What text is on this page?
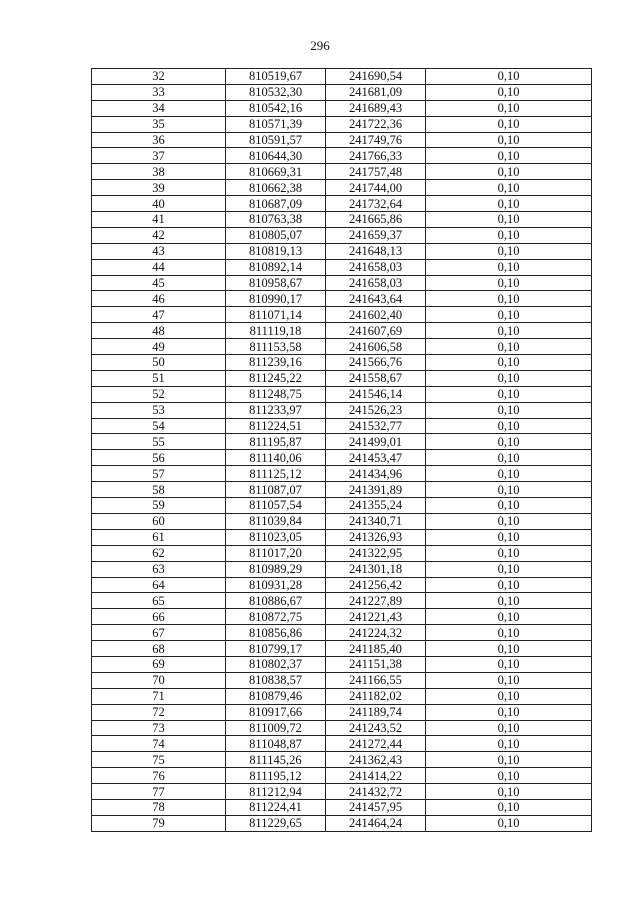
296
32	810519,67	241690,54	0,10
33	810532,30	241681,09	0,10
34	810542,16	241689,43	0,10
35	810571,39	241722,36	0,10
36	810591,57	241749,76	0,10
37	810644,30	241766,33	0,10
38	810669,31	241757,48	0,10
39	810662,38	241744,00	0,10
40	810687,09	241732,64	0,10
41	810763,38	241665,86	0,10
42	810805,07	241659,37	0,10
43	810819,13	241648,13	0,10
44	810892,14	241658,03	0,10
45	810958,67	241658,03	0,10
46	810990,17	241643,64	0,10
47	811071,14	241602,40	0,10
48	811119,18	241607,69	0,10
49	811153,58	241606,58	0,10
50	811239,16	241566,76	0,10
51	811245,22	241558,67	0,10
52	811248,75	241546,14	0,10
53	811233,97	241526,23	0,10
54	811224,51	241532,77	0,10
55	811195,87	241499,01	0,10
56	811140,06	241453,47	0,10
57	811125,12	241434,96	0,10
58	811087,07	241391,89	0,10
59	811057,54	241355,24	0,10
60	811039,84	241340,71	0,10
61	811023,05	241326,93	0,10
62	811017,20	241322,95	0,10
63	810989,29	241301,18	0,10
64	810931,28	241256,42	0,10
65	810886,67	241227,89	0,10
66	810872,75	241221,43	0,10
67	810856,86	241224,32	0,10
68	810799,17	241185,40	0,10
69	810802,37	241151,38	0,10
70	810838,57	241166,55	0,10
71	810879,46	241182,02	0,10
72	810917,66	241189,74	0,10
73	811009,72	241243,52	0,10
74	811048,87	241272,44	0,10
75	811145,26	241362,43	0,10
76	811195,12	241414,22	0,10
77	811212,94	241432,72	0,10
78	811224,41	241457,95	0,10
79	811229,65	241464,24	0,10
